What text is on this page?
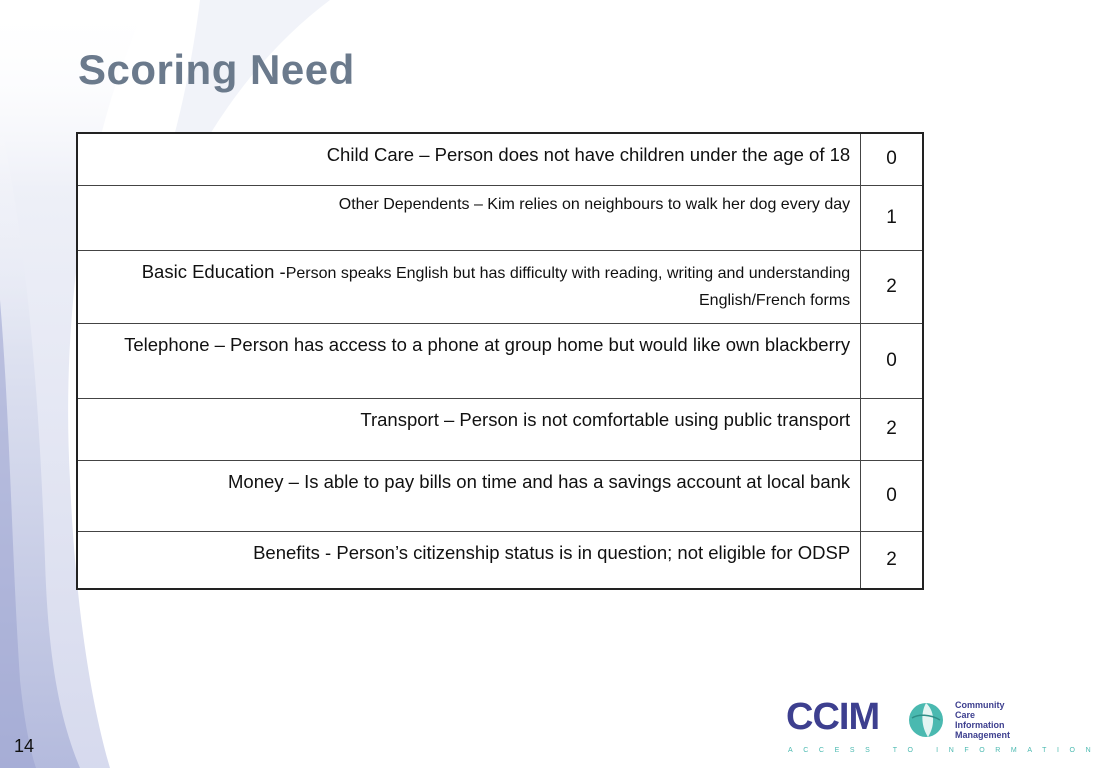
Scoring Need
Child Care – Person does not have children under the age of 18	0
Other Dependents – Kim relies on neighbours to walk her dog every day	1
Basic Education -Person speaks English but has difficulty with reading, writing and understanding English/French forms	2
Telephone – Person has access to a phone at group home but would like own blackberry	0
Transport – Person is not comfortable using public transport	2
Money – Is able to pay bills on time and has a savings account at local bank	0
Benefits - Person’s citizenship status is in question; not eligible for ODSP	2
14
CCIM	Community
Care
Information
Management
ACCESS TO INFORMATION
